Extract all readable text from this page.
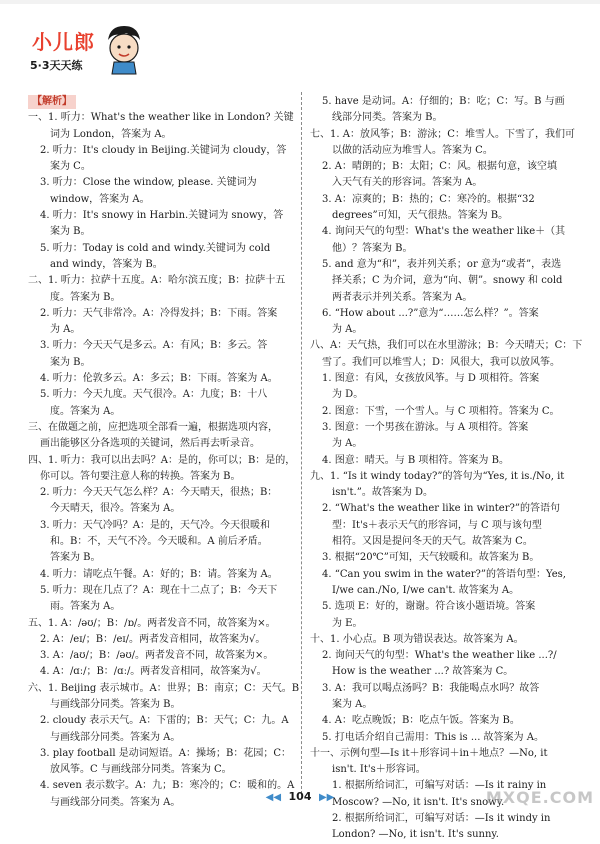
小儿郎
5·3天天练
【解析】
一、1. 听力：What's the weather like in London? 关键
词为 London，答案为 A。
2. 听力：It's cloudy in Beijing.关键词为 cloudy，答
案为 C。
3. 听力：Close the window, please. 关键词为
window，答案为 A。
4. 听力：It's snowy in Harbin.关键词为 snowy，答
案为 B。
5. 听力：Today is cold and windy.关键词为 cold
and windy，答案为 B。
二、1. 听力：拉萨十五度。A：哈尔滨五度；B：拉萨十五
度。答案为 B。
2. 听力：天气非常冷。A：冷得发抖；B：下雨。答案
为 A。
3. 听力：今天天气是多云。A：有风；B：多云。答
案为 B。
4. 听力：伦敦多云。A：多云；B：下雨。答案为 A。
5. 听力：今天九度。天气很冷。A：九度；B：十八
度。答案为 A。
三、在做题之前，应把选项全部看一遍，根据选项内容，
画出能够区分各选项的关键词，然后再去听录音。
四、1. 听力：我可以出去吗？A：是的，你可以；B：是的，
你可以。答句要注意人称的转换。答案为 B。
2. 听力：今天天气怎么样？A：今天晴天，很热；B：
今天晴天，很冷。答案为 A。
3. 听力：天气冷吗？A：是的，天气冷。今天很暖和
和。B：不，天气不冷。今天暖和。A 前后矛盾。
答案为 B。
4. 听力：请吃点午餐。A：好的；B：请。答案为 A。
5. 听力：现在几点了？A：现在十二点了；B：今天下
雨。答案为 A。
五、1. A：/əʊ/；B：/ɒ/。两者发音不同，故答案为×。
2. A：/eɪ/；B：/eɪ/。两者发音相同，故答案为√。
3. A：/aʊ/；B：/əʊ/。两者发音不同，故答案为×。
4. A：/ɑː/；B：/ɑː/。两者发音相同，故答案为√。
六、1. Beijing 表示城市。A：世界；B：南京；C：天气。B
与画线部分同类。答案为 B。
2. cloudy 表示天气。A：下雷的；B：天气；C：九。A
与画线部分同类。答案为 A。
3. play football 是动词短语。A：操场；B：花园；C：
放风筝。C 与画线部分同类。答案为 C。
4. seven 表示数字。A：九；B：寒冷的；C：暖和的。A
与画线部分同类。答案为 A。
5. have 是动词。A：仔细的；B：吃；C：写。B 与画
线部分同类。答案为 B。
七、1. A：放风筝；B：游泳；C：堆雪人。下雪了，我们可
以做的活动应为堆雪人。答案为 C。
2. A：晴朗的；B：太阳；C：风。根据句意，该空填
入天气有关的形容词。答案为 A。
3. A：凉爽的；B：热的；C：寒冷的。根据“32
degrees”可知，天气很热。答案为 B。
4. 询问天气的句型：What's the weather like＋（其
他）？答案为 B。
5. and 意为“和”，表并列关系；or 意为“或者”，表选
择关系；C 为介词，意为“向、朝”。snowy 和 cold
两者表示并列关系。答案为 A。
6. “How about ...?”意为“……怎么样？”。答案
为 A。
八、A：天气热，我们可以在水里游泳；B：今天晴天；C：下
雪了。我们可以堆雪人；D：风很大，我可以放风筝。
1. 图意：有风，女孩放风筝。与 D 项相符。答案
为 D。
2. 图意：下雪，一个雪人。与 C 项相符。答案为 C。
3. 图意：一个男孩在游泳。与 A 项相符。答案
为 A。
4. 图意：晴天。与 B 项相符。答案为 B。
九、1. “Is it windy today?”的答句为“Yes, it is./No, it
isn't.”。故答案为 D。
2. “What's the weather like in winter?”的答语句
型：It's＋表示天气的形容词，与 C 项与该句型
相符。又因是提问冬天的天气。故答案为 C。
3. 根据“20℃”可知，天气较暖和。故答案为 B。
4. “Can you swim in the water?”的答语句型：Yes,
I/we can./No, I/we can't. 故答案为 A。
5. 选项 E：好的，谢谢。符合该小题语境。答案
为 E。
十、1. 小心点。B 项为错误表达。故答案为 A。
2. 询问天气的句型：What's the weather like ...?/
How is the weather ...? 故答案为 C。
3. A：我可以喝点汤吗？B：我能喝点水吗？故答
案为 A。
4. A：吃点晚饭；B：吃点午饭。答案为 B。
5. 打电话介绍自己需用：This is ... 故答案为 A。
十一、示例句型—Is it＋形容词＋in＋地点？—No, it
isn't. It's＋形容词。
1. 根据所给词汇，可编写对话：—Is it rainy in
Moscow? —No, it isn't. It's snowy.
2. 根据所给词汇，可编写对话：—Is it windy in
London? —No, it isn't. It's sunny.
◀◀ 104 ▶▶	MXQE.COM
